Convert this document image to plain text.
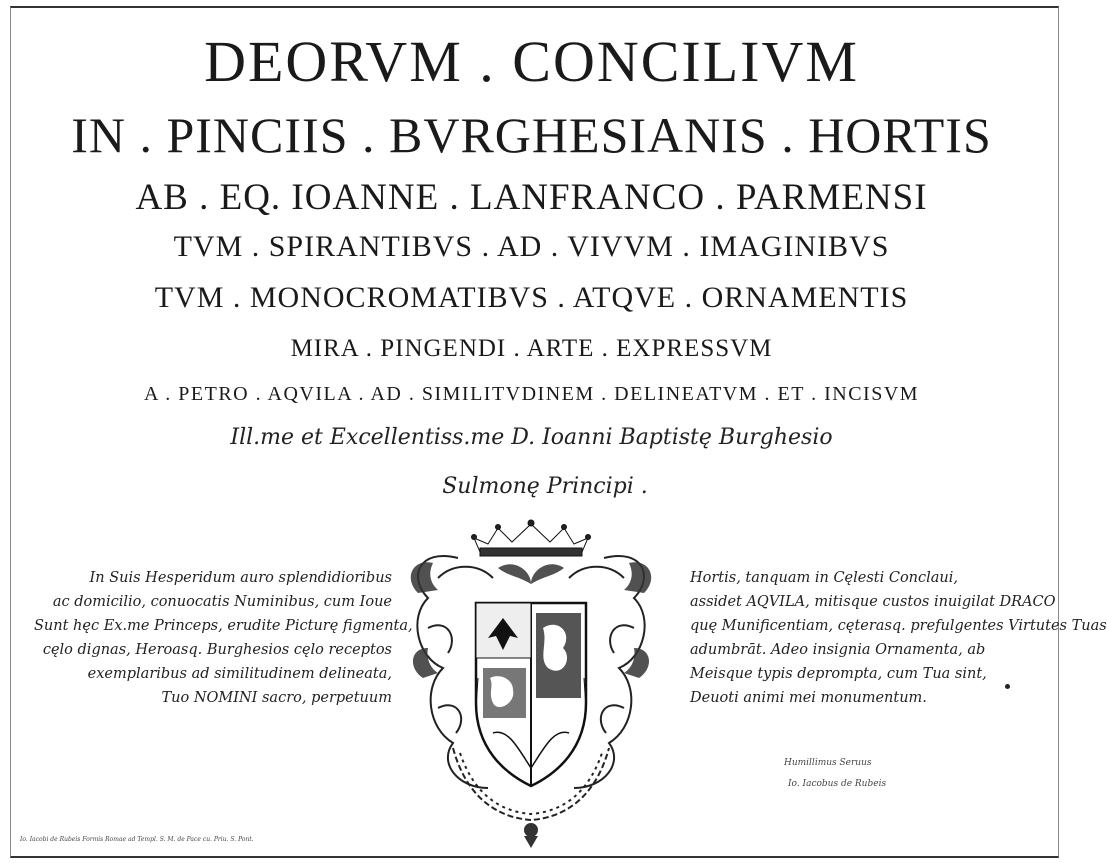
DEORVM . CONCILIVM
IN . PINCIIS . BVRGHESIANIS . HORTIS
AB . EQ. IOANNE . LANFRANCO . PARMENSI
TVM . SPIRANTIBVS . AD . VIVVM . IMAGINIBVS
TVM . MONOCROMATIBVS . ATQVE . ORNAMENTIS
MIRA . PINGENDI . ARTE . EXPRESSVM
A . PETRO . AQVILA . AD . SIMILITVDINEM . DELINEATVM . ET . INCISVM
Ill.me et Excellentiss.me D. Ioanni Baptistę Burghesio
Sulmonę Principi .
In Suis Hesperidum auro splendidioribus
ac domicilio, conuocatis Numinibus, cum Ioue
Sunt hęc Ex.me Princeps, erudite Picturę figmenta,
cęlo dignas, Heroasq. Burghesios cęlo receptos
exemplaribus ad similitudinem delineata,
Tuo NOMINI sacro, perpetuum
Hortis, tanquam in Cęlesti Conclaui,
assidet AQVILA, mitisque custos inuigilat DRACO
quę Munificentiam, cęterasq. prefulgentes Virtutes Tuas
adumbrāt. Adeo insignia Ornamenta, ab
Meisque typis deprompta, cum Tua sint,
Deuoti animi mei monumentum.
Humillimus Seruus
Io. Iacobus de Rubeis
Io. Iacobi de Rubeis Formis Romae ad Templ. S. M. de Pace cu. Priu. S. Pont.
